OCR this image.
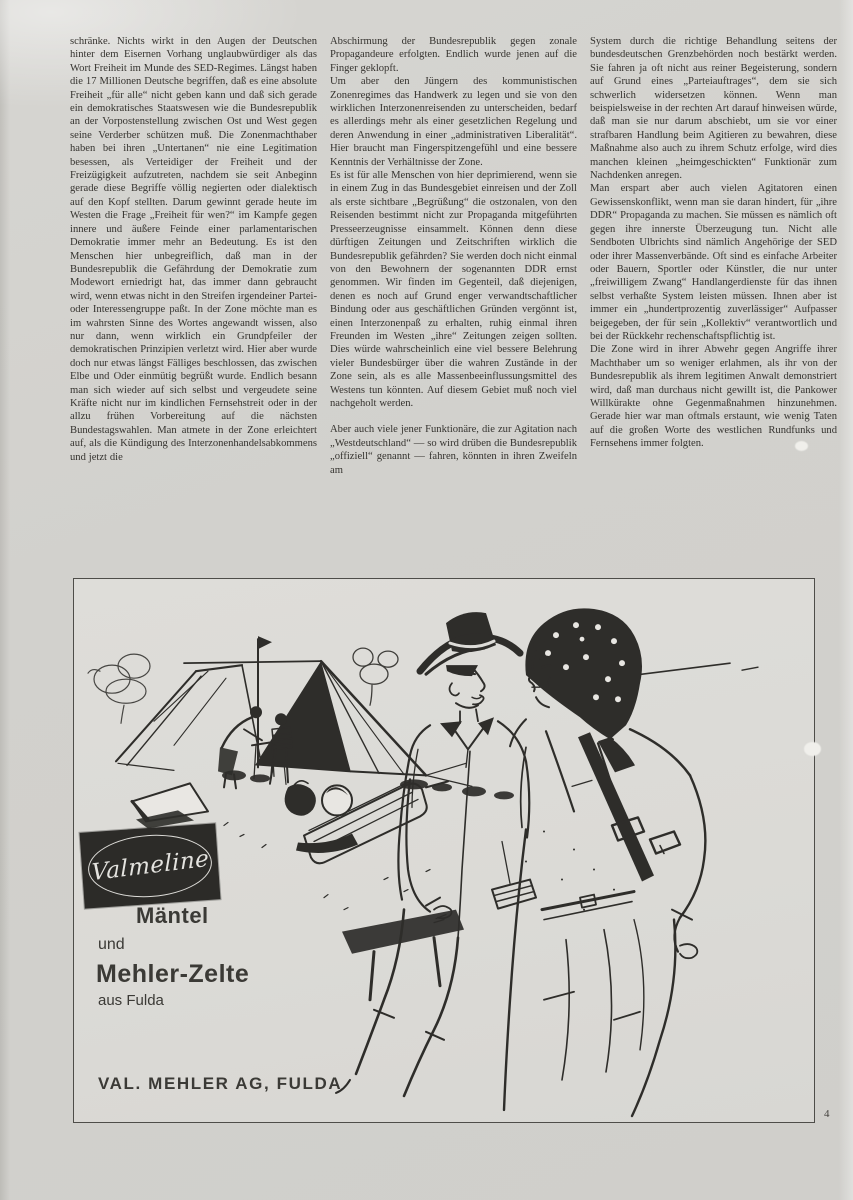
schränke. Nichts wirkt in den Augen der Deutschen hinter dem Eisernen Vorhang unglaubwürdiger als das Wort Freiheit im Munde des SED-Regimes. Längst haben die 17 Millionen Deutsche begriffen, daß es eine absolute Freiheit „für alle“ nicht geben kann und daß sich gerade ein demokratisches Staatswesen wie die Bundesrepublik an der Vorpostenstellung zwischen Ost und West gegen seine Verderber schützen muß. Die Zonenmachthaber haben bei ihren „Untertanen“ nie eine Legitimation besessen, als Verteidiger der Freiheit und der Freizügigkeit aufzutreten, nachdem sie seit Anbeginn gerade diese Begriffe völlig negierten oder dialektisch auf den Kopf stellten. Darum gewinnt gerade heute im Westen die Frage „Freiheit für wen?“ im Kampfe gegen innere und äußere Feinde einer parlamentarischen Demokratie immer mehr an Bedeutung. Es ist den Menschen hier unbegreiflich, daß man in der Bundesrepublik die Gefährdung der Demokratie zum Modewort erniedrigt hat, das immer dann gebraucht wird, wenn etwas nicht in den Streifen irgendeiner Partei- oder Interessengruppe paßt. In der Zone möchte man es im wahrsten Sinne des Wortes angewandt wissen, also nur dann, wenn wirklich ein Grundpfeiler der demokratischen Prinzipien verletzt wird. Hier aber wurde doch nur etwas längst Fälliges beschlossen, das zwischen Elbe und Oder einmütig begrüßt wurde. Endlich besann man sich wieder auf sich selbst und vergeudete seine Kräfte nicht nur im kindlichen Fernsehstreit oder in der allzu frühen Vorbereitung auf die nächsten Bundestagswahlen. Man atmete in der Zone erleichtert auf, als die Kündigung des Interzonenhandelsabkommens und jetzt die

Abschirmung der Bundesrepublik gegen zonale Propagandeure erfolgten. Endlich wurde jenen auf die Finger geklopft.

Um aber den Jüngern des kommunistischen Zonenregimes das Handwerk zu legen und sie von den wirklichen Interzonenreisenden zu unterscheiden, bedarf es allerdings mehr als einer gesetzlichen Regelung und deren Anwendung in einer „administrativen Liberalität“. Hier braucht man Fingerspitzengefühl und eine bessere Kenntnis der Verhältnisse der Zone.

Es ist für alle Menschen von hier deprimierend, wenn sie in einem Zug in das Bundesgebiet einreisen und der Zoll als erste sichtbare „Begrüßung“ die ostzonalen, von den Reisenden bestimmt nicht zur Propaganda mitgeführten Presseerzeugnisse einsammelt. Können denn diese dürftigen Zeitungen und Zeitschriften wirklich die Bundesrepublik gefährden? Sie werden doch nicht einmal von den Bewohnern der sogenannten DDR ernst genommen. Wir finden im Gegenteil, daß diejenigen, denen es noch auf Grund enger verwandtschaftlicher Bindung oder aus geschäftlichen Gründen vergönnt ist, einen Interzonenpaß zu erhalten, ruhig einmal ihren Freunden im Westen „ihre“ Zeitungen zeigen sollten. Dies würde wahrscheinlich eine viel bessere Belehrung vieler Bundesbürger über die wahren Zustände in der Zone sein, als es alle Massenbeeinflussungsmittel des Westens tun könnten. Auf diesem Gebiet muß noch viel nachgeholt werden.

Aber auch viele jener Funktionäre, die zur Agitation nach „Westdeutschland“ — so wird drüben die Bundesrepublik „offiziell“ genannt — fahren, könnten in ihren Zweifeln am

System durch die richtige Behandlung seitens der bundesdeutschen Grenzbehörden noch bestärkt werden. Sie fahren ja oft nicht aus reiner Begeisterung, sondern auf Grund eines „Parteiauftrages“, dem sie sich schwerlich widersetzen können. Wenn man beispielsweise in der rechten Art darauf hinweisen würde, daß man sie nur darum abschiebt, um sie vor einer strafbaren Handlung beim Agitieren zu bewahren, diese Maßnahme also auch zu ihrem Schutz erfolge, wird dies manchen kleinen „heimgeschickten“ Funktionär zum Nachdenken anregen.

Man erspart aber auch vielen Agitatoren einen Gewissenskonflikt, wenn man sie daran hindert, für „ihre DDR“ Propaganda zu machen. Sie müssen es nämlich oft gegen ihre innerste Überzeugung tun. Nicht alle Sendboten Ulbrichts sind nämlich Angehörige der SED oder ihrer Massenverbände. Oft sind es einfache Arbeiter oder Bauern, Sportler oder Künstler, die nur unter „freiwilligem Zwang“ Handlangerdienste für das ihnen selbst verhaßte System leisten müssen. Ihnen aber ist immer ein „hundertprozentig zuverlässiger“ Aufpasser beigegeben, der für sein „Kollektiv“ verantwortlich und bei der Rückkehr rechenschaftspflichtig ist.

Die Zone wird in ihrer Abwehr gegen Angriffe ihrer Machthaber um so weniger erlahmen, als ihr von der Bundesrepublik als ihrem legitimen Anwalt demonstriert wird, daß man durchaus nicht gewillt ist, die Pankower Willkürakte ohne Gegenmaßnahmen hinzunehmen. Gerade hier war man oftmals erstaunt, wie wenig Taten auf die großen Worte des westlichen Rundfunks und Fernsehens immer folgten.

Valmeline
Mäntel
und
Mehler-Zelte
aus Fulda
VAL. MEHLER AG, FULDA
4
